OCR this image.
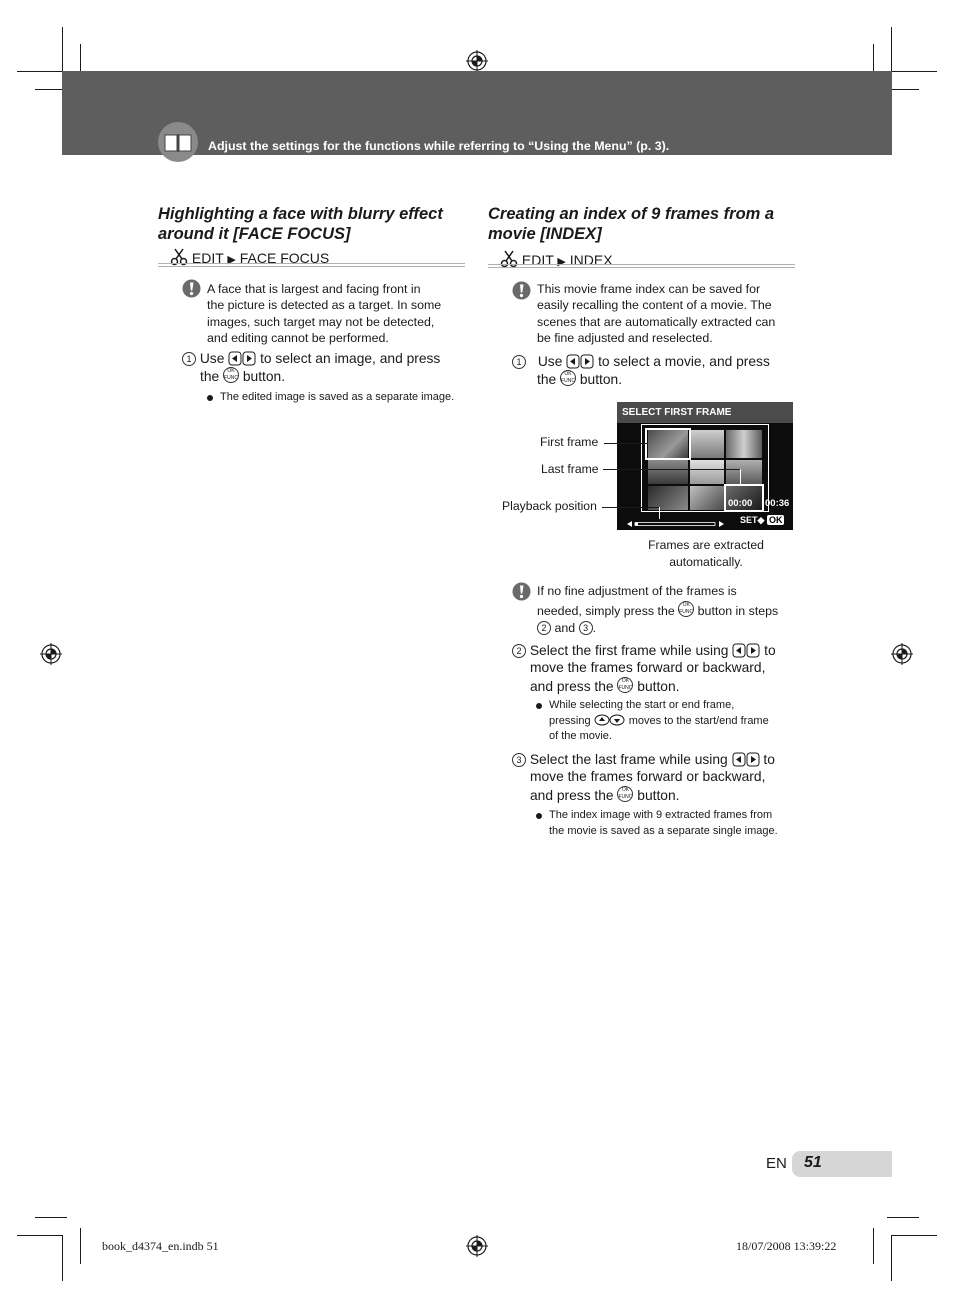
Adjust the settings for the functions while referring to “Using the Menu” (p. 3).
Highlighting a face with blurry effect
around it [FACE FOCUS]
EDIT ▶ FACE FOCUS
A face that is largest and facing front in
the picture is detected as a target. In some
images, such target may not be detected,
and editing cannot be performed.
1 Use	to select an image, and press
the OK
FUNC button.
The edited image is saved as a separate image.
Creating an index of 9 frames from a
movie [INDEX]
EDIT ▶ INDEX
This movie frame index can be saved for
easily recalling the content of a movie. The
scenes that are automatically extracted can
be fine adjusted and reselected.
1 Use	to select a movie, and press
the OK
FUNC button.
SELECT FIRST FRAME
00:00 00:36
SET◆ OK
First frame
Last frame
Playback position
Frames are extracted
automatically.
If no fine adjustment of the frames is
needed, simply press the OK
FUNC button in steps
2 and 3 .
2 Select the first frame while using	to
move the frames forward or backward,
and press the OK
FUNC button.
While selecting the start or end frame,
pressing	moves to the start/end frame
of the movie.
3 Select the last frame while using	to
move the frames forward or backward,
and press the OK
FUNC button.
The index image with 9 extracted frames from
the movie is saved as a separate single image.
EN 51
book_d4374_en.indb 51	18/07/2008 13:39:22
